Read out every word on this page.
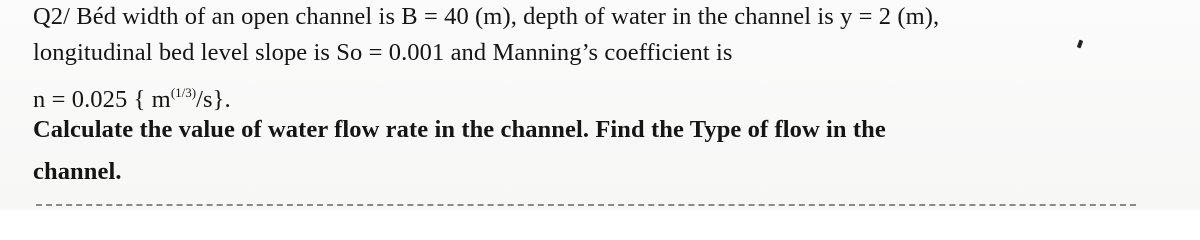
Q2/ Béd width of an open channel is B = 40 (m), depth of water in the channel is y = 2 (m),
longitudinal bed level slope is So = 0.001 and Manning’s coefficient is
n = 0.025 { $m^{(1/3)}/s$}.
Calculate the value of water flow rate in the channel. Find the Type of flow in the
channel.
